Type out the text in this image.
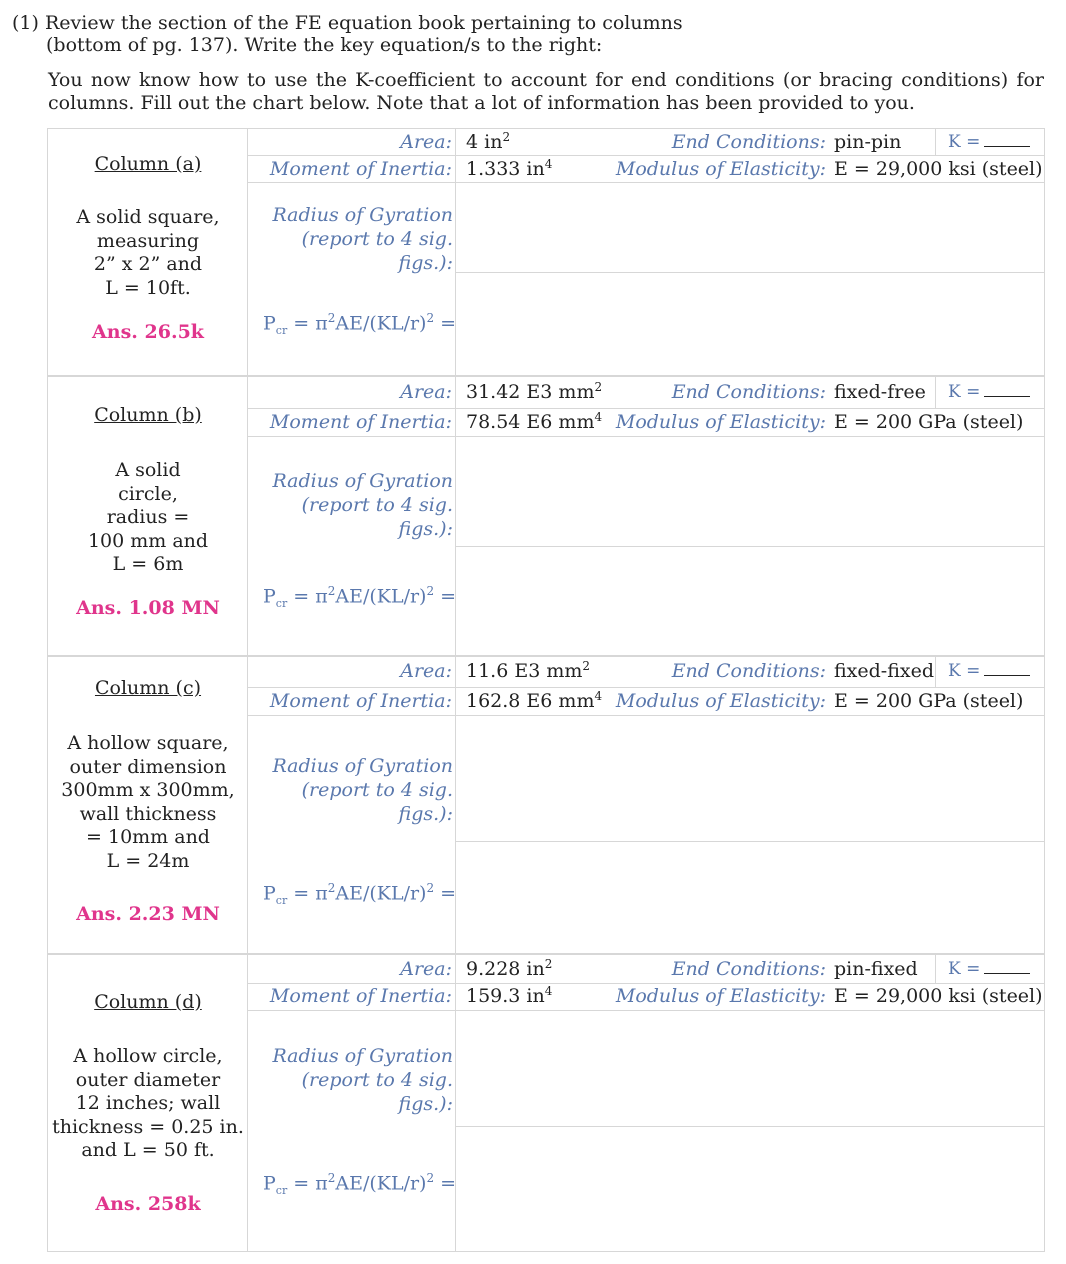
(1) Review the section of the FE equation book pertaining to columns
(bottom of pg. 137). Write the key equation/s to the right:
You now know how to use the K-coefficient to account for end conditions (or bracing conditions) for columns. Fill out the chart below. Note that a lot of information has been provided to you.
Column (a)
A solid square,
measuring
2” x 2” and
L = 10ft.
Ans. 26.5k
Area: 4 $in^2$
Moment of Inertia: 1.333 $in^4$
End Conditions: pin-pin	K =
Modulus of Elasticity: E = 29,000 ksi (steel)
Radius of Gyration
(report to 4 sig. figs.):
$P_{cr} = \pi^2AE/(KL/r)^2$ =
Column (b)
A solid
circle,
radius =
100 mm and
L = 6m
Ans. 1.08 MN
Area: 31.42 E3 $mm^2$
Moment of Inertia: 78.54 E6 $mm^4$
End Conditions: fixed-free K =
Modulus of Elasticity: E = 200 GPa (steel)
Radius of Gyration
(report to 4 sig. figs.):
$P_{cr} = \pi^2AE/(KL/r)^2$ =
Column (c)
A hollow square,
outer dimension
300mm x 300mm,
wall thickness
= 10mm and
L = 24m
Ans. 2.23 MN
Area: 11.6 E3 $mm^2$
Moment of Inertia: 162.8 E6 $mm^4$
End Conditions: fixed-fixed K =
Modulus of Elasticity: E = 200 GPa (steel)
Radius of Gyration
(report to 4 sig. figs.):
$P_{cr} = \pi^2AE/(KL/r)^2$ =
Column (d)
A hollow circle,
outer diameter
12 inches; wall
thickness = 0.25 in.
and L = 50 ft.
Ans. 258k
Area: 9.228 $in^2$
Moment of Inertia: 159.3 $in^4$
End Conditions: pin-fixed K =
Modulus of Elasticity: E = 29,000 ksi (steel)
Radius of Gyration
(report to 4 sig. figs.):
$P_{cr} = \pi^2AE/(KL/r)^2$ =
